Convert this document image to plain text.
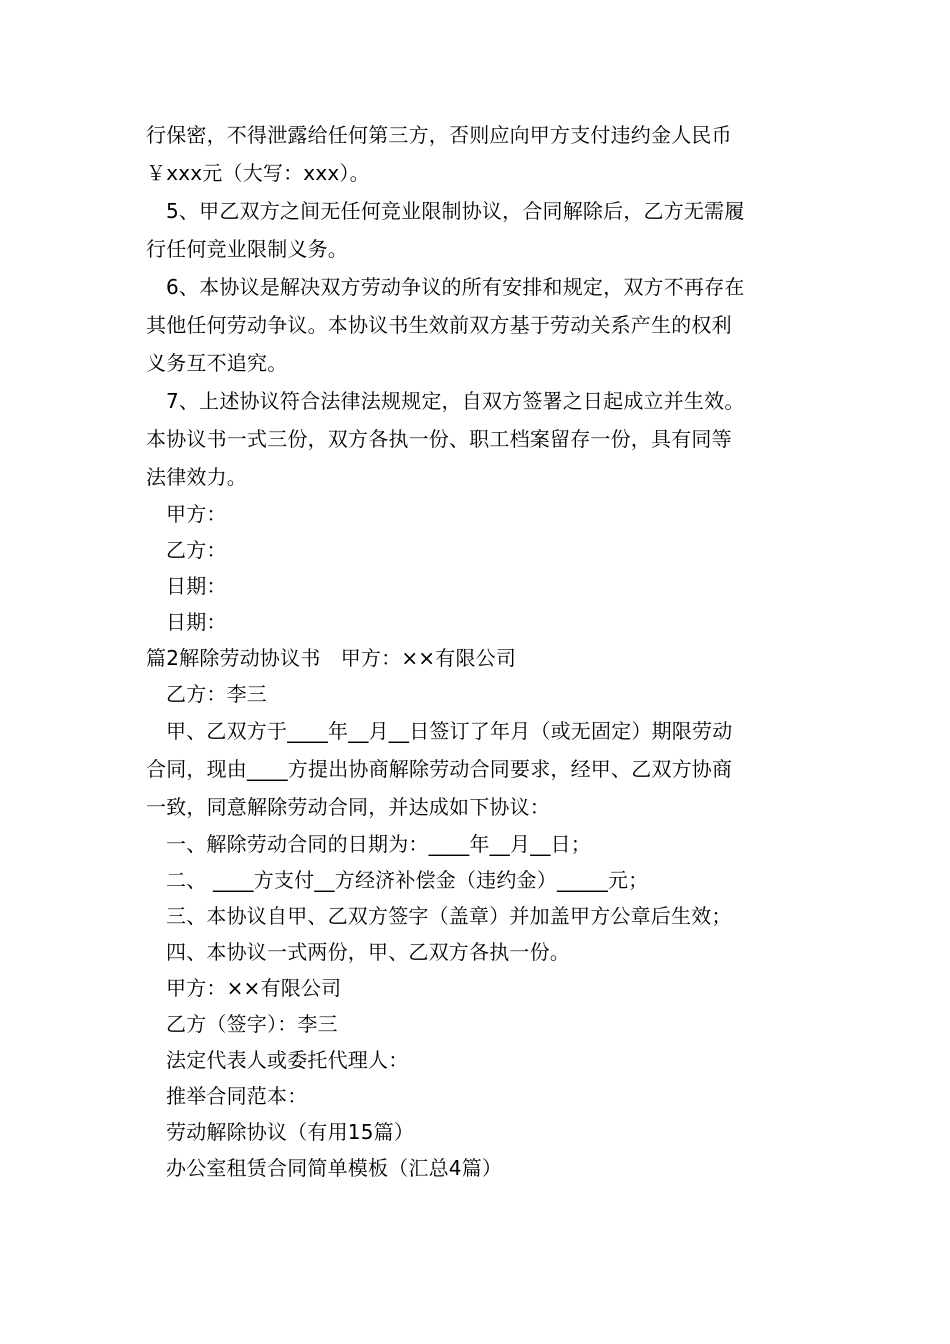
行保密，不得泄露给任何第三方，否则应向甲方支付违约金人民币

￥xxx元（大写：xxx）。

5、甲乙双方之间无任何竞业限制协议，合同解除后，乙方无需履

行任何竞业限制义务。

6、本协议是解决双方劳动争议的所有安排和规定，双方不再存在

其他任何劳动争议。本协议书生效前双方基于劳动关系产生的权利

义务互不追究。

7、上述协议符合法律法规规定，自双方签署之日起成立并生效。

本协议书一式三份，双方各执一份、职工档案留存一份，具有同等

法律效力。

甲方：

乙方：

日期：

日期：

篇2解除劳动协议书　甲方：××有限公司

乙方：李三

甲、乙双方于____年__月__日签订了年月（或无固定）期限劳动

合同，现由____方提出协商解除劳动合同要求，经甲、乙双方协商

一致，同意解除劳动合同，并达成如下协议：

一、解除劳动合同的日期为：____年__月__日；

二、 ____方支付__方经济补偿金（违约金）_____元；

三、本协议自甲、乙双方签字（盖章）并加盖甲方公章后生效；

四、本协议一式两份，甲、乙双方各执一份。

甲方：××有限公司

乙方（签字）：李三

法定代表人或委托代理人：

推举合同范本：

劳动解除协议（有用15篇）

办公室租赁合同简单模板（汇总4篇）
